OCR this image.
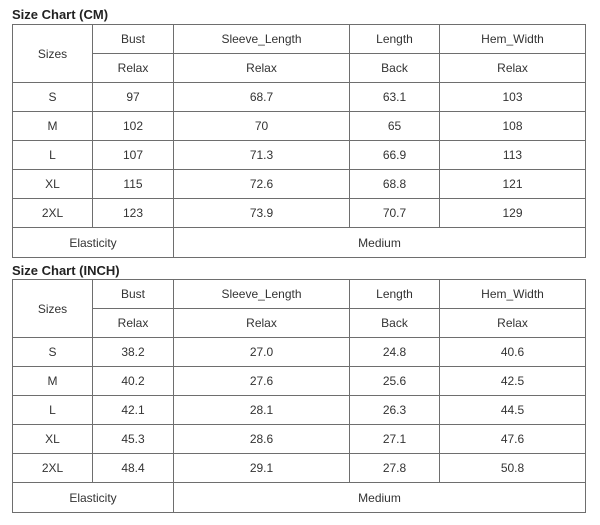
Size Chart (CM)
Sizes	Bust	Sleeve_Length	Length	Hem_Width
	Relax	Relax	Back	Relax
S	97	68.7	63.1	103
M	102	70	65	108
L	107	71.3	66.9	113
XL	115	72.6	68.8	121
2XL	123	73.9	70.7	129
Elasticity		Medium		
Size Chart (INCH)
Sizes	Bust	Sleeve_Length	Length	Hem_Width
	Relax	Relax	Back	Relax
S	38.2	27.0	24.8	40.6
M	40.2	27.6	25.6	42.5
L	42.1	28.1	26.3	44.5
XL	45.3	28.6	27.1	47.6
2XL	48.4	29.1	27.8	50.8
Elasticity		Medium		
